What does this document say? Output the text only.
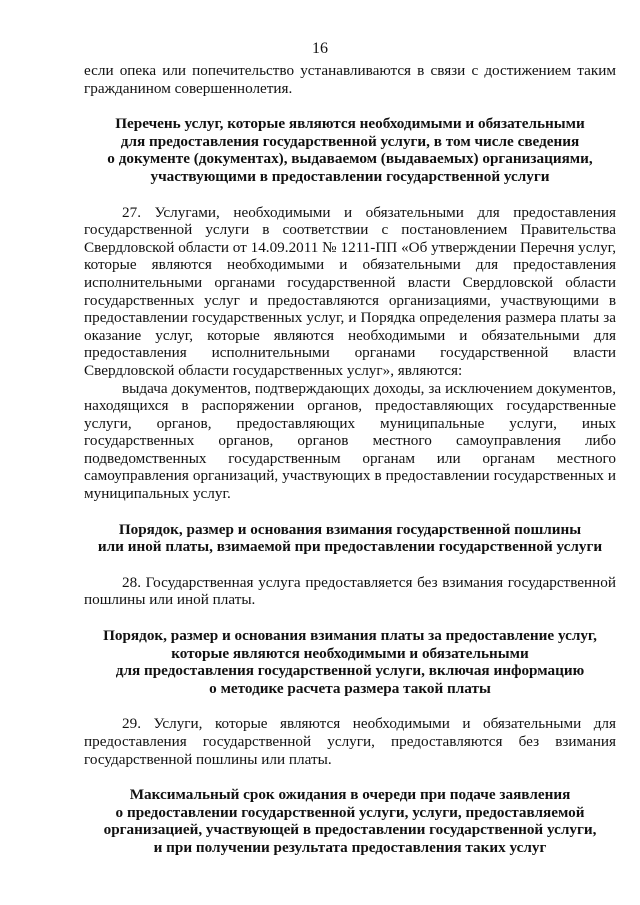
16

если опека или попечительство устанавливаются в связи с достижением таким гражданином совершеннолетия.

Перечень услуг, которые являются необходимыми и обязательными
для предоставления государственной услуги, в том числе сведения
о документе (документах), выдаваемом (выдаваемых) организациями,
участвующими в предоставлении государственной услуги

27. Услугами, необходимыми и обязательными для предоставления государственной услуги в соответствии с постановлением Правительства Свердловской области от 14.09.2011 № 1211-ПП «Об утверждении Перечня услуг, которые являются необходимыми и обязательными для предоставления исполнительными органами государственной власти Свердловской области государственных услуг и предоставляются организациями, участвующими в предоставлении государственных услуг, и Порядка определения размера платы за оказание услуг, которые являются необходимыми и обязательными для предоставления исполнительными органами государственной власти Свердловской области государственных услуг», являются:

выдача документов, подтверждающих доходы, за исключением документов, находящихся в распоряжении органов, предоставляющих государственные услуги, органов, предоставляющих муниципальные услуги, иных государственных органов, органов местного самоуправления либо подведомственных государственным органам или органам местного самоуправления организаций, участвующих в предоставлении государственных и муниципальных услуг.

Порядок, размер и основания взимания государственной пошлины
или иной платы, взимаемой при предоставлении государственной услуги

28. Государственная услуга предоставляется без взимания государственной пошлины или иной платы.

Порядок, размер и основания взимания платы за предоставление услуг,
которые являются необходимыми и обязательными
для предоставления государственной услуги, включая информацию
о методике расчета размера такой платы

29. Услуги, которые являются необходимыми и обязательными для предоставления государственной услуги, предоставляются без взимания государственной пошлины или платы.

Максимальный срок ожидания в очереди при подаче заявления
о предоставлении государственной услуги, услуги, предоставляемой
организацией, участвующей в предоставлении государственной услуги,
и при получении результата предоставления таких услуг
